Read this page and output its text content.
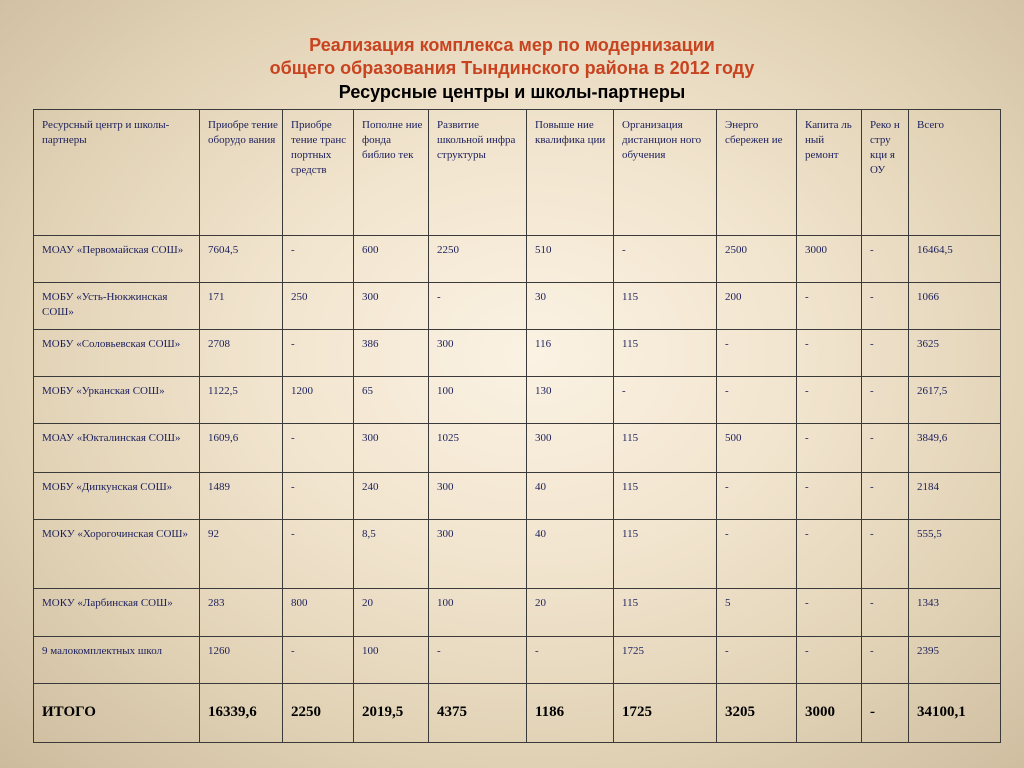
Реализация комплекса мер по модернизации
общего образования Тындинского района в 2012 году
Ресурсные центры и школы-партнеры
Ресурсный центр и школы-партнеры	Приобре тение оборудо вания	Приобре тение транс портных средств	Пополне ние фонда библио тек	Развитие школьной инфра структуры	Повыше ние квалифика ции	Организация дистанцион ного обучения	Энерго сбережен ие	Капита ль ный ремонт	Реко н стру кци я ОУ	Всего
МОАУ «Первомайская СОШ»	7604,5	-	600	2250	510	-	2500	3000	-	16464,5
МОБУ «Усть-Нюкжинская СОШ»	171	250	300	-	30	115	200	-	-	1066
МОБУ «Соловьевская СОШ»	2708	-	386	300	116	115	-	-	-	3625
МОБУ «Урканская СОШ»	1122,5	1200	65	100	130	-	-	-	-	2617,5
МОАУ «Юкталинская СОШ»	1609,6	-	300	1025	300	115	500	-	-	3849,6
МОБУ «Дипкунская СОШ»	1489	-	240	300	40	115	-	-	-	2184
МОКУ «Хорогочинская СОШ»	92	-	8,5	300	40	115	-	-	-	555,5
МОКУ «Ларбинская СОШ»	283	800	20	100	20	115	5	-	-	1343
9 малокомплектных школ	1260	-	100	-	-	1725	-	-	-	2395
ИТОГО	16339,6	2250	2019,5	4375	1186	1725	3205	3000	-	34100,1
